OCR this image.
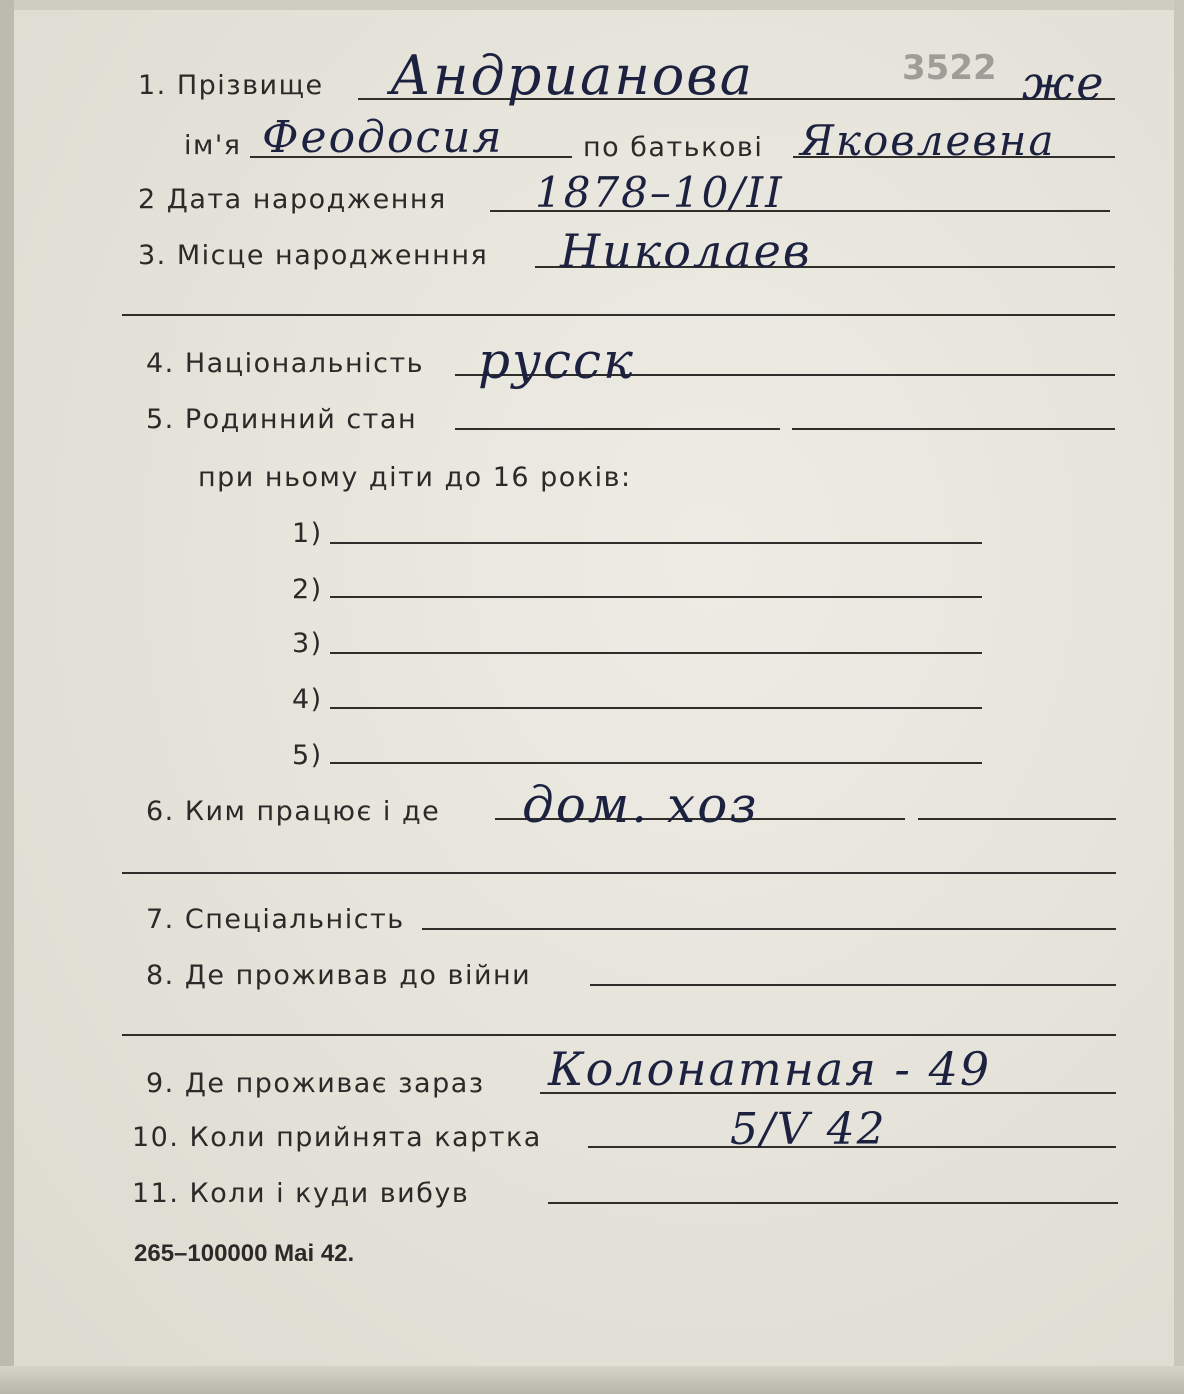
1. Прізвище Андрианова	3522 же
ім'я Феодосия	по батькові Яковлевна
2 Дата народження 1878–10/II
3. Місце народженння Николаев
4. Національність русск
5. Родинний стан
при ньому діти до 16 років:
1)
2)
3)
4)
5)
6. Ким працює і де дом. хоз
7. Спеціальність
8. Де проживав до війни
9. Де проживає зараз Колонатная - 49
10. Коли прийнята картка	5/V 42
11. Коли і куди вибув
265–100000 Mai 42.
